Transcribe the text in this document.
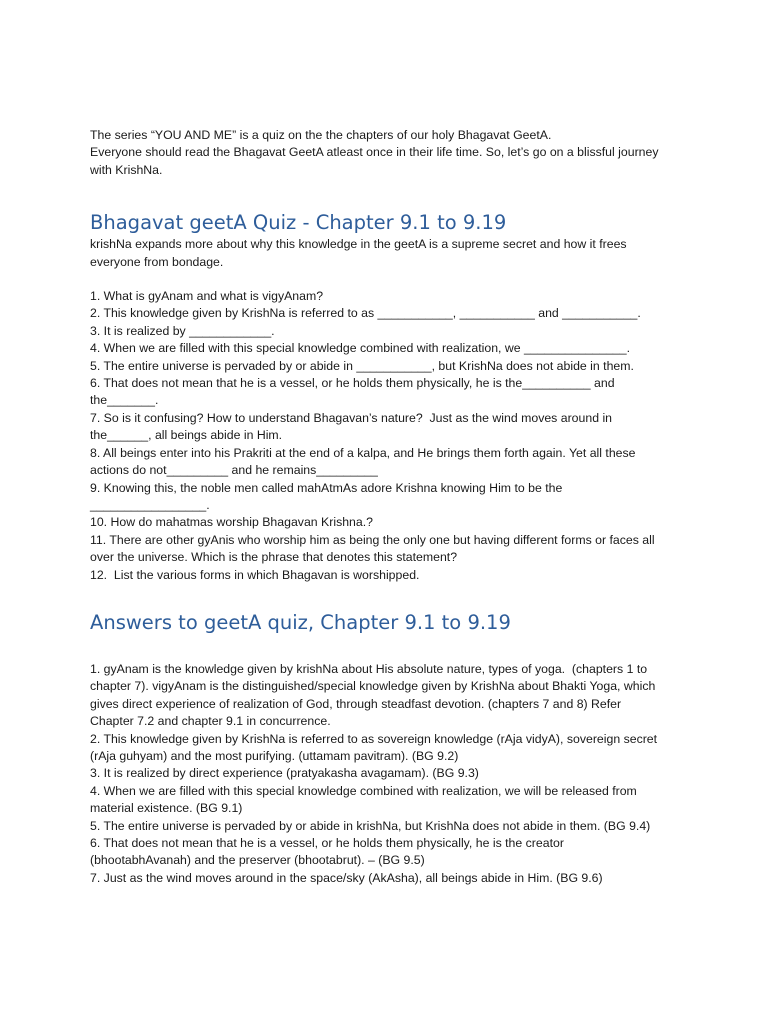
The series “YOU AND ME” is a quiz on the the chapters of our holy Bhagavat GeetA.
Everyone should read the Bhagavat GeetA atleast once in their life time. So, let’s go on a blissful journey
with KrishNa.
Bhagavat geetA Quiz - Chapter 9.1 to 9.19
krishNa expands more about why this knowledge in the geetA is a supreme secret and how it frees
everyone from bondage.
1. What is gyAnam and what is vigyAnam?
2. This knowledge given by KrishNa is referred to as ___________, ___________ and ___________.
3. It is realized by ____________.
4. When we are filled with this special knowledge combined with realization, we _______________.
5. The entire universe is pervaded by or abide in ___________, but KrishNa does not abide in them.
6. That does not mean that he is a vessel, or he holds them physically, he is the__________ and
the_______.
7. So is it confusing? How to understand Bhagavan’s nature?  Just as the wind moves around in
the______, all beings abide in Him.
8. All beings enter into his Prakriti at the end of a kalpa, and He brings them forth again. Yet all these
actions do not_________ and he remains_________
9. Knowing this, the noble men called mahAtmAs adore Krishna knowing Him to be the
_________________.
10. How do mahatmas worship Bhagavan Krishna.?
11. There are other gyAnis who worship him as being the only one but having different forms or faces all
over the universe. Which is the phrase that denotes this statement?
12.  List the various forms in which Bhagavan is worshipped.
Answers to geetA quiz, Chapter 9.1 to 9.19
1. gyAnam is the knowledge given by krishNa about His absolute nature, types of yoga.  (chapters 1 to
chapter 7). vigyAnam is the distinguished/special knowledge given by KrishNa about Bhakti Yoga, which
gives direct experience of realization of God, through steadfast devotion. (chapters 7 and 8) Refer
Chapter 7.2 and chapter 9.1 in concurrence.
2. This knowledge given by KrishNa is referred to as sovereign knowledge (rAja vidyA), sovereign secret
(rAja guhyam) and the most purifying. (uttamam pavitram). (BG 9.2)
3. It is realized by direct experience (pratyakasha avagamam). (BG 9.3)
4. When we are filled with this special knowledge combined with realization, we will be released from
material existence. (BG 9.1)
5. The entire universe is pervaded by or abide in krishNa, but KrishNa does not abide in them. (BG 9.4)
6. That does not mean that he is a vessel, or he holds them physically, he is the creator
(bhootabhAvanah) and the preserver (bhootabrut). – (BG 9.5)
7. Just as the wind moves around in the space/sky (AkAsha), all beings abide in Him. (BG 9.6)
